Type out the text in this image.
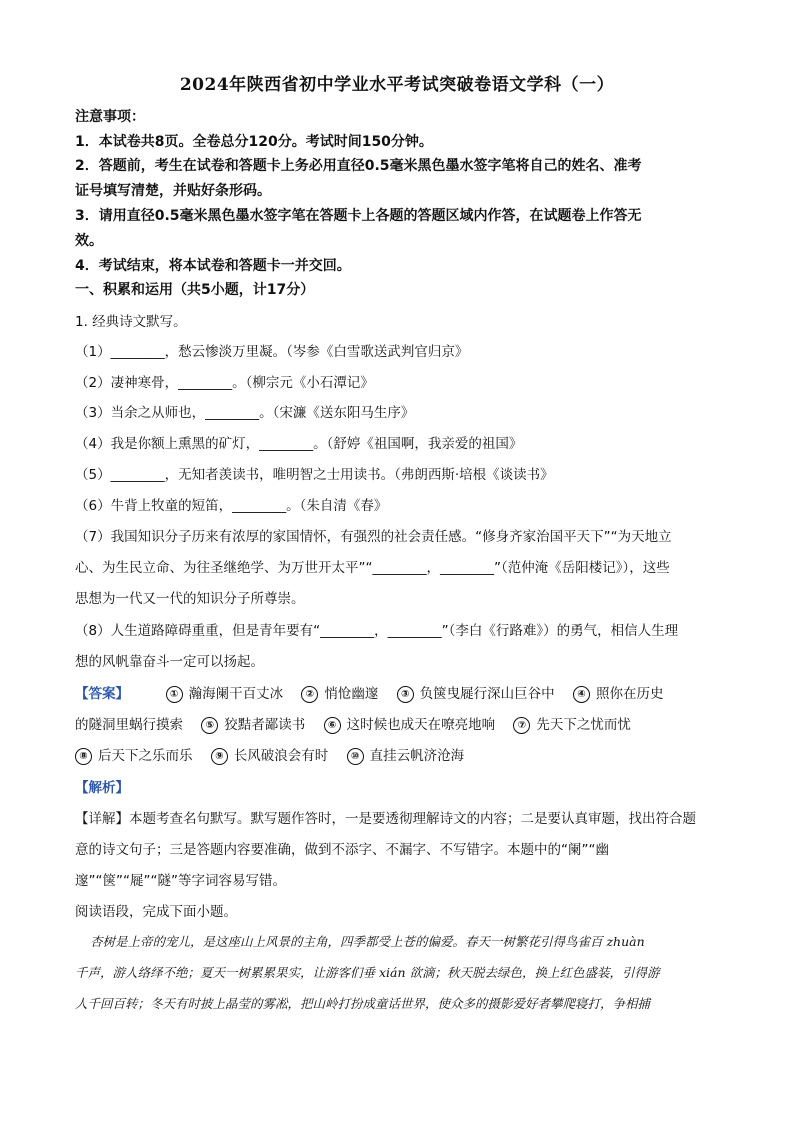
2024年陕西省初中学业水平考试突破卷语文学科（一）
注意事项：
1．本试卷共8页。全卷总分120分。考试时间150分钟。
2．答题前，考生在试卷和答题卡上务必用直径0.5毫米黑色墨水签字笔将自己的姓名、准考
证号填写清楚，并贴好条形码。
3．请用直径0.5毫米黑色墨水签字笔在答题卡上各题的答题区域内作答，在试题卷上作答无
效。
4．考试结束，将本试卷和答题卡一并交回。
一、积累和运用（共5小题，计17分）
1. 经典诗文默写。
（1）________，愁云惨淡万里凝。（岑参《白雪歌送武判官归京》
（2）凄神寒骨，________。（柳宗元《小石潭记》
（3）当余之从师也，________。（宋濂《送东阳马生序》
（4）我是你额上熏黑的矿灯，________。（舒婷《祖国啊，我亲爱的祖国》
（5）________，无知者羡读书，唯明智之士用读书。（弗朗西斯·培根《谈读书》
（6）牛背上牧童的短笛，________。（朱自清《春》
（7）我国知识分子历来有浓厚的家国情怀，有强烈的社会责任感。“修身齐家治国平天下”“为天地立
心、为生民立命、为往圣继绝学、为万世开太平”“________，________”（范仲淹《岳阳楼记》），这些
思想为一代又一代的知识分子所尊崇。
（8）人生道路障碍重重，但是青年要有“________，________”（李白《行路难》）的勇气，相信人生理
想的风帆靠奋斗一定可以扬起。
【答案】	① 瀚海阑干百丈冰 ② 悄怆幽邃 ③ 负箧曳屣行深山巨谷中 ④ 照你在历史
的隧洞里蜗行摸索 ⑤ 狡黠者鄙读书 ⑥ 这时候也成天在嘹亮地响 ⑦ 先天下之忧而忧
⑧ 后天下之乐而乐 ⑨ 长风破浪会有时 ⑩ 直挂云帆济沧海
【解析】
【详解】本题考查名句默写。默写题作答时，一是要透彻理解诗文的内容；二是要认真审题，找出符合题
意的诗文句子；三是答题内容要准确，做到不添字、不漏字、不写错字。本题中的“阑”“幽
邃”“箧”“屣”“隧”等字词容易写错。
阅读语段，完成下面小题。
杏树是上帝的宠儿，是这座山上风景的主角，四季都受上苍的偏爱。春天一树繁花引得鸟雀百 zhuàn
千声，游人络绎不绝；夏天一树累累果实，让游客们垂 xián 欲滴；秋天脱去绿色，换上红色盛装，引得游
人千回百转；冬天有时披上晶莹的雾凇，把山岭打扮成童话世界，使众多的摄影爱好者攀爬寝打，争相捕
